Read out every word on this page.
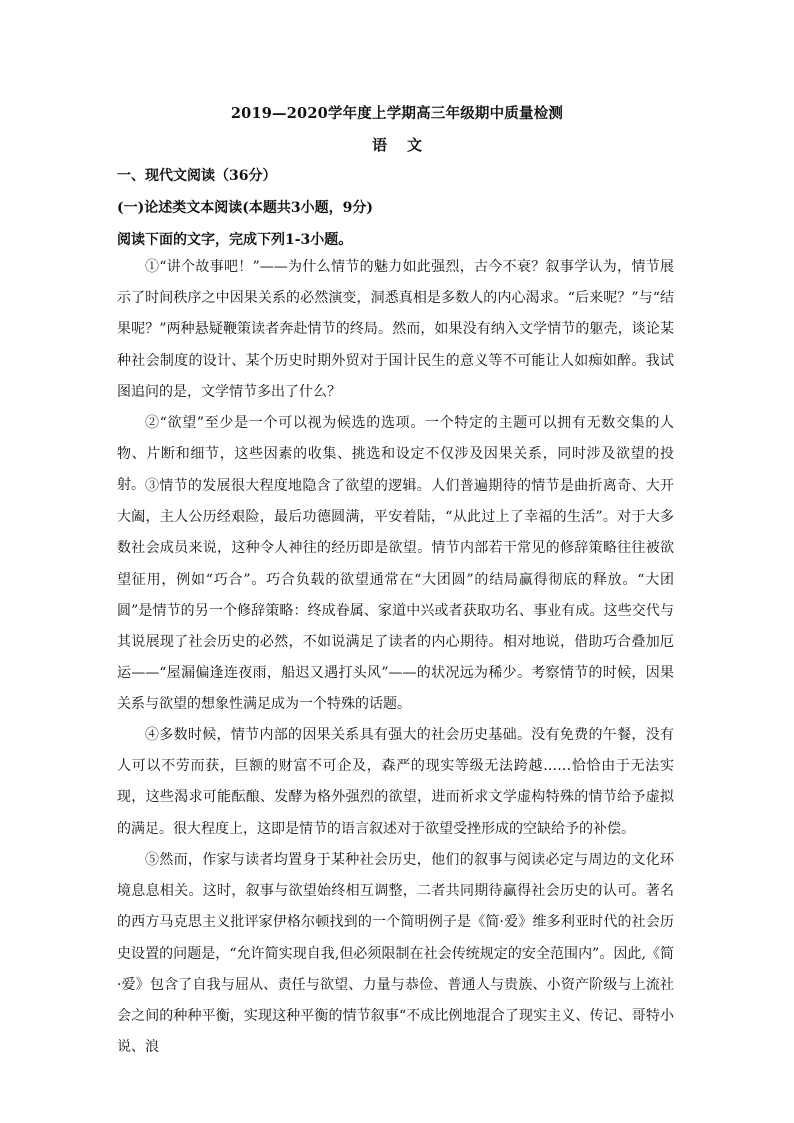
2019—2020学年度上学期高三年级期中质量检测
语文
一、现代文阅读（36分）
(一)论述类文本阅读(本题共3小题，9分)
阅读下面的文字，完成下列1-3小题。

①“讲个故事吧！”——为什么情节的魅力如此强烈，古今不衰？叙事学认为，情节展示了时间秩序之中因果关系的必然演变，洞悉真相是多数人的内心渴求。“后来呢？”与“结果呢？”两种悬疑鞭策读者奔赴情节的终局。然而，如果没有纳入文学情节的躯壳，谈论某种社会制度的设计、某个历史时期外贸对于国计民生的意义等不可能让人如痴如醉。我试图追问的是，文学情节多出了什么？

②“欲望”至少是一个可以视为候选的选项。一个特定的主题可以拥有无数交集的人物、片断和细节，这些因素的收集、挑选和设定不仅涉及因果关系，同时涉及欲望的投射。 ③情节的发展很大程度地隐含了欲望的逻辑。人们普遍期待的情节是曲折离奇、大开大阖，主人公历经艰险，最后功德圆满，平安着陆，“从此过上了幸福的生活”。对于大多数社会成员来说，这种令人神往的经历即是欲望。情节内部若干常见的修辞策略往往被欲望征用，例如“巧合”。巧合负载的欲望通常在“大团圆”的结局赢得彻底的释放。“大团圆”是情节的另一个修辞策略：终成眷属、家道中兴或者获取功名、事业有成。这些交代与其说展现了社会历史的必然，不如说满足了读者的内心期待。相对地说，借助巧合叠加厄运——“屋漏偏逢连夜雨，船迟又遇打头风”——的状况远为稀少。考察情节的时候，因果关系与欲望的想象性满足成为一个特殊的话题。

④多数时候，情节内部的因果关系具有强大的社会历史基础。没有免费的午餐，没有人可以不劳而获，巨额的财富不可企及，森严的现实等级无法跨越……恰恰由于无法实现，这些渴求可能酝酿、发酵为格外强烈的欲望，进而祈求文学虚构特殊的情节给予虚拟的满足。很大程度上，这即是情节的语言叙述对于欲望受挫形成的空缺给予的补偿。

⑤然而，作家与读者均置身于某种社会历史，他们的叙事与阅读必定与周边的文化环境息息相关。这时，叙事与欲望始终相互调整，二者共同期待赢得社会历史的认可。著名的西方马克思主义批评家伊格尔顿找到的一个简明例子是《简·爱》维多利亚时代的社会历史设置的问题是，“允许简实现自我,但必须限制在社会传统规定的安全范围内”。因此,《简·爱》包含了自我与屈从、责任与欲望、力量与恭俭、普通人与贵族、小资产阶级与上流社会之间的种种平衡，实现这种平衡的情节叙事“不成比例地混合了现实主义、传记、哥特小说、浪
